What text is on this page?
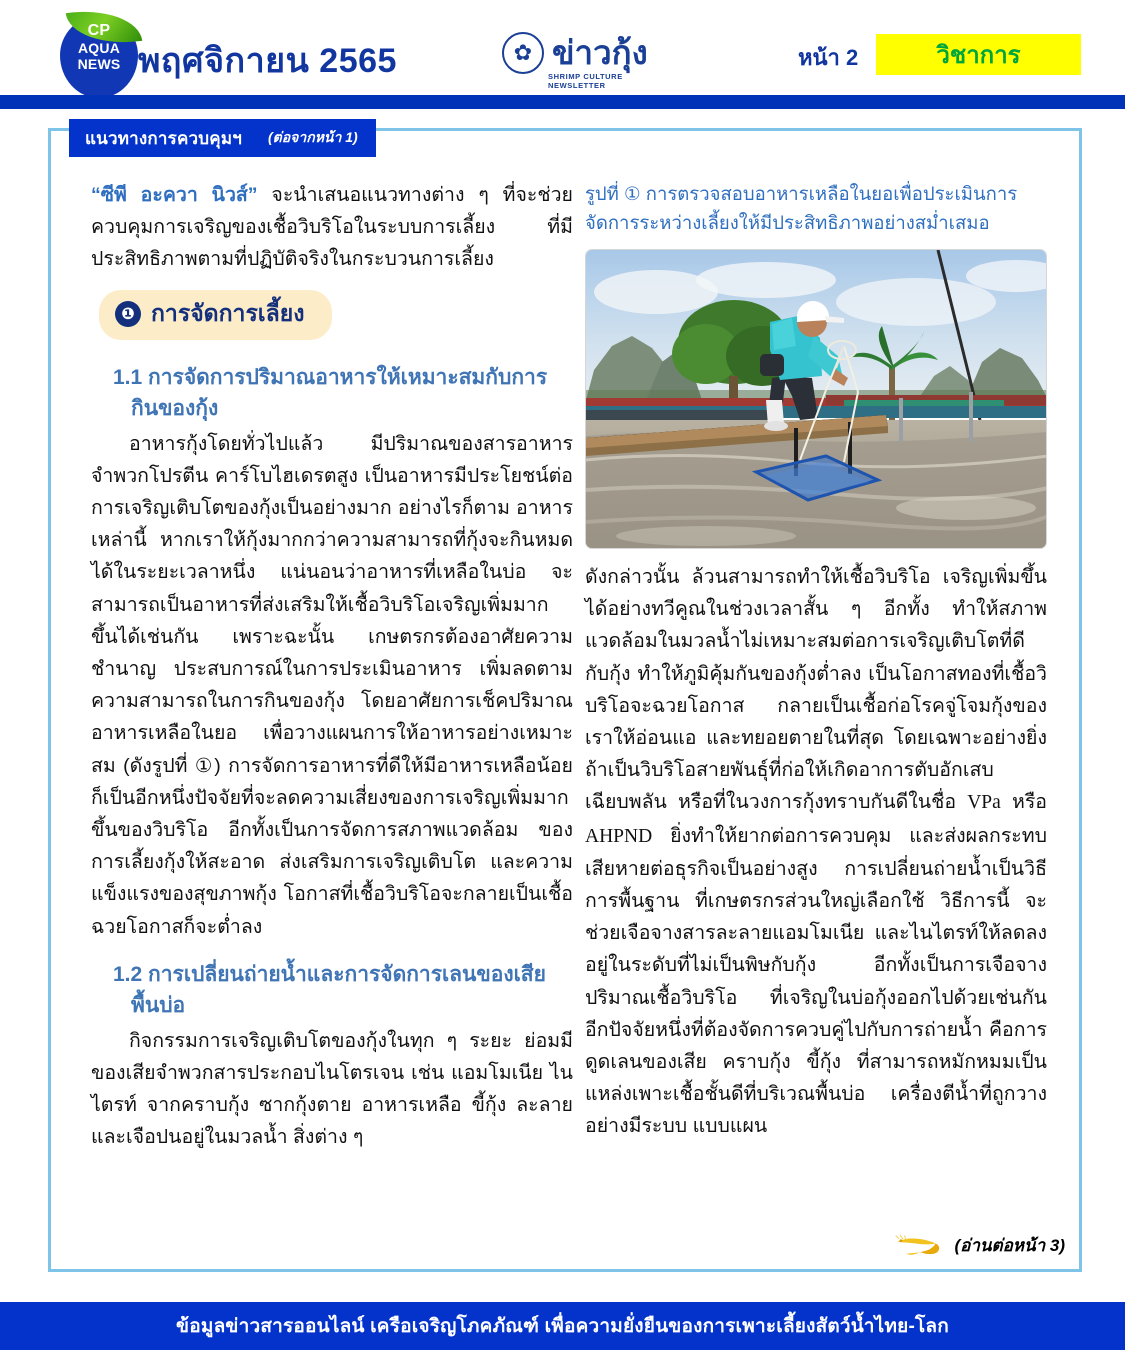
CP
AQUA
NEWS พฤศจิกายน 2565 ✿	ข่าวกุ้ง
SHRIMP CULTURE NEWSLETTER
หน้า 2	วิชาการ
แนวทางการควบคุมฯ (ต่อจากหน้า 1)

“ซีพี อะควา นิวส์” จะนำเสนอแนวทางต่าง ๆ ที่จะช่วยควบคุมการเจริญของเชื้อวิบริโอในระบบการเลี้ยง ที่มีประสิทธิภาพตามที่ปฏิบัติจริงในกระบวนการเลี้ยง

❶ การจัดการเลี้ยง
1.1 การจัดการปริมาณอาหารให้เหมาะสมกับการกินของกุ้ง

อาหารกุ้งโดยทั่วไปแล้ว มีปริมาณของสารอาหารจำพวกโปรตีน คาร์โบไฮเดรตสูง เป็นอาหารมีประโยชน์ต่อการเจริญเติบโตของกุ้งเป็นอย่างมาก อย่างไรก็ตาม อาหารเหล่านี้ หากเราให้กุ้งมากกว่าความสามารถที่กุ้งจะกินหมดได้ในระยะเวลาหนึ่ง แน่นอนว่าอาหารที่เหลือในบ่อ จะสามารถเป็นอาหารที่ส่งเสริมให้เชื้อวิบริโอเจริญเพิ่มมากขึ้นได้เช่นกัน เพราะฉะนั้น เกษตรกรต้องอาศัยความชำนาญ ประสบการณ์ในการประเมินอาหาร เพิ่มลดตามความสามารถในการกินของกุ้ง โดยอาศัยการเช็คปริมาณอาหารเหลือในยอ เพื่อวางแผนการให้อาหารอย่างเหมาะสม (ดังรูปที่ ①) การจัดการอาหารที่ดีให้มีอาหารเหลือน้อย ก็เป็นอีกหนึ่งปัจจัยที่จะลดความเสี่ยงของการเจริญเพิ่มมากขึ้นของวิบริโอ อีกทั้งเป็นการจัดการสภาพแวดล้อม ของการเลี้ยงกุ้งให้สะอาด ส่งเสริมการเจริญเติบโต และความแข็งแรงของสุขภาพกุ้ง โอกาสที่เชื้อวิบริโอจะกลายเป็นเชื้อฉวยโอกาสก็จะต่ำลง

1.2 การเปลี่ยนถ่ายน้ำและการจัดการเลนของเสียพื้นบ่อ

กิจกรรมการเจริญเติบโตของกุ้งในทุก ๆ ระยะ ย่อมมีของเสียจำพวกสารประกอบไนโตรเจน เช่น แอมโมเนีย ไนไตรท์ จากคราบกุ้ง ซากกุ้งตาย อาหารเหลือ ขี้กุ้ง ละลายและเจือปนอยู่ในมวลน้ำ สิ่งต่าง ๆ

รูปที่ ① การตรวจสอบอาหารเหลือในยอเพื่อประเมินการจัดการระหว่างเลี้ยงให้มีประสิทธิภาพอย่างสม่ำเสมอ

ดังกล่าวนั้น ล้วนสามารถทำให้เชื้อวิบริโอ เจริญเพิ่มขึ้นได้อย่างทวีคูณในช่วงเวลาสั้น ๆ อีกทั้ง ทำให้สภาพแวดล้อมในมวลน้ำไม่เหมาะสมต่อการเจริญเติบโตที่ดีกับกุ้ง ทำให้ภูมิคุ้มกันของกุ้งต่ำลง เป็นโอกาสทองที่เชื้อวิบริโอจะฉวยโอกาส กลายเป็นเชื้อก่อโรคจู่โจมกุ้งของเราให้อ่อนแอ และทยอยตายในที่สุด โดยเฉพาะอย่างยิ่งถ้าเป็นวิบริโอสายพันธุ์ที่ก่อให้เกิดอาการตับอักเสบเฉียบพลัน หรือที่ในวงการกุ้งทราบกันดีในชื่อ VPa หรือ AHPND ยิ่งทำให้ยากต่อการควบคุม และส่งผลกระทบเสียหายต่อธุรกิจเป็นอย่างสูง การเปลี่ยนถ่ายน้ำเป็นวิธีการพื้นฐาน ที่เกษตรกรส่วนใหญ่เลือกใช้ วิธีการนี้ จะช่วยเจือจางสารละลายแอมโมเนีย และไนไตรท์ให้ลดลงอยู่ในระดับที่ไม่เป็นพิษกับกุ้ง อีกทั้งเป็นการเจือจางปริมาณเชื้อวิบริโอ ที่เจริญในบ่อกุ้งออกไปด้วยเช่นกัน อีกปัจจัยหนึ่งที่ต้องจัดการควบคู่ไปกับการถ่ายน้ำ คือการดูดเลนของเสีย คราบกุ้ง ขี้กุ้ง ที่สามารถหมักหมมเป็นแหล่งเพาะเชื้อชั้นดีที่บริเวณพื้นบ่อ เครื่องตีน้ำที่ถูกวางอย่างมีระบบ แบบแผน

(อ่านต่อหน้า 3)
ข้อมูลข่าวสารออนไลน์ เครือเจริญโภคภัณฑ์ เพื่อความยั่งยืนของการเพาะเลี้ยงสัตว์น้ำไทย-โลก
